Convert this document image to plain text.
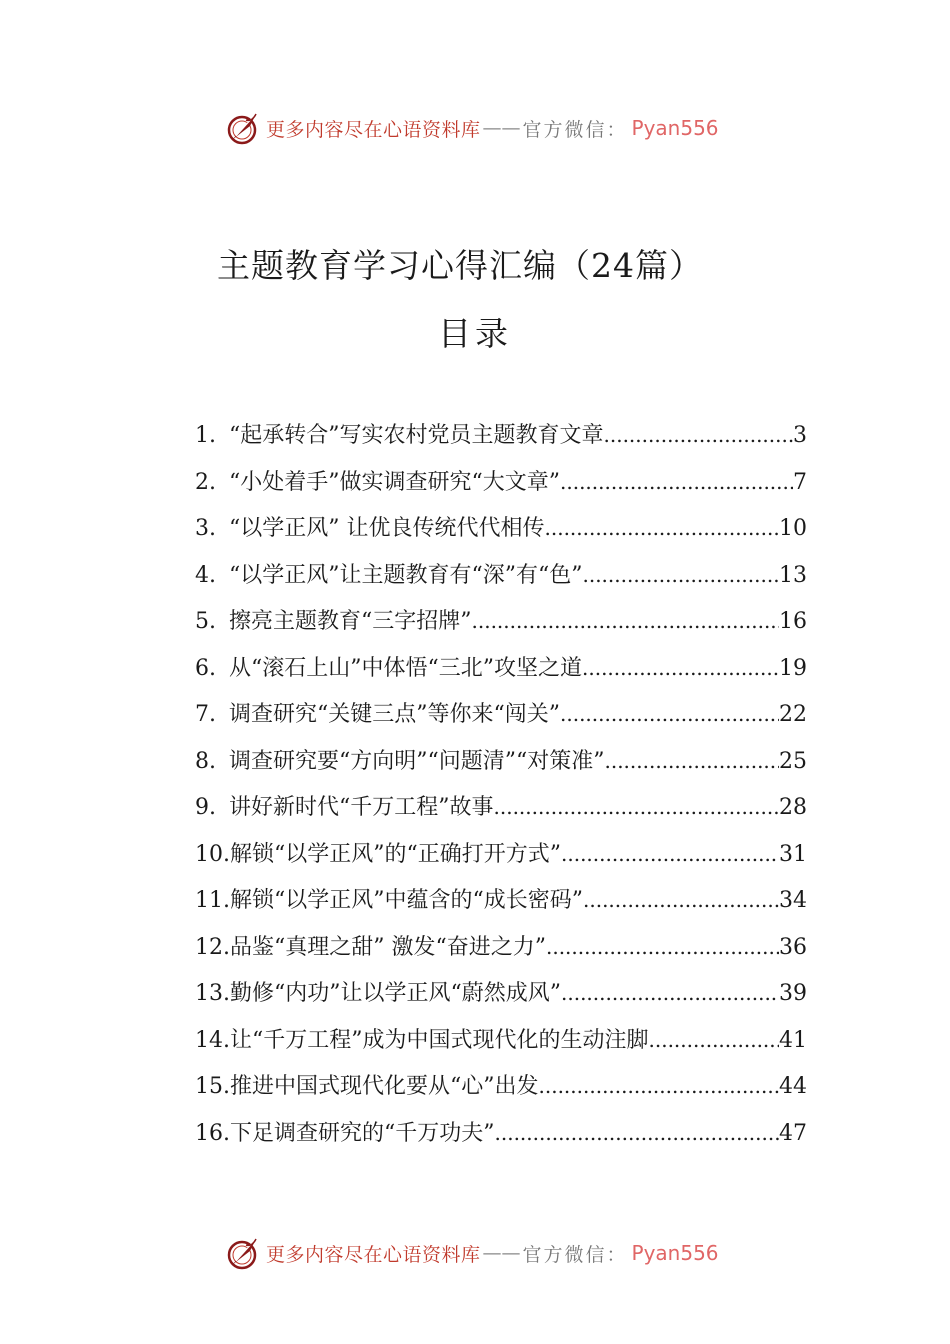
更多内容尽在心语资料库 —— 官方微信： Pyan556
主题教育学习心得汇编（24篇）
目录
1. “起承转合”写实农村党员主题教育文章 .....	3
2. “小处着手”做实调查研究“大文章” .....	7
3. “以学正风” 让优良传统代代相传 .....	10
4. “以学正风”让主题教育有“深”有“色” .....	13
5. 擦亮主题教育“三字招牌” .....	16
6. 从“滚石上山”中体悟“三北”攻坚之道 .....	19
7. 调查研究“关键三点”等你来“闯关” .....	22
8. 调查研究要“方向明”“问题清”“对策准” .....	25
9. 讲好新时代“千万工程”故事 .....	28
10. 解锁“以学正风”的“正确打开方式” .....	31
11. 解锁“以学正风”中蕴含的“成长密码” .....	34
12. 品鉴“真理之甜” 激发“奋进之力” .....	36
13. 勤修“内功”让以学正风“蔚然成风” .....	39
14. 让“千万工程”成为中国式现代化的生动注脚 .....	41
15. 推进中国式现代化要从“心”出发 .....	44
16. 下足调查研究的“千万功夫” .....	47
更多内容尽在心语资料库 —— 官方微信： Pyan556
